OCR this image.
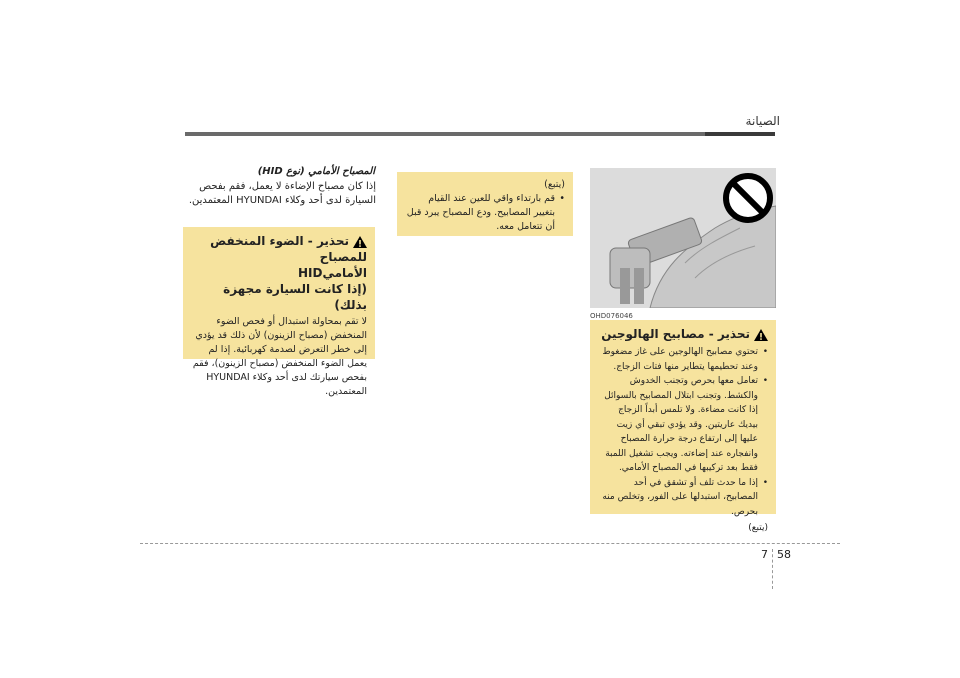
الصيانة
المصباح الأمامي (نوع HID)
إذا كان مصباح الإضاءة لا يعمل، فقم بفحص السيارة لدى أحد وكلاء HYUNDAI المعتمدين.
تحذير - الضوء المنخفض للمصباح
الأماميHID
(إذا كانت السيارة مجهزة بذلك)
لا تقم بمحاولة استبدال أو فحص الضوء المنخفض (مصباح الزينون) لأن ذلك قد يؤدي إلى خطر التعرض لصدمة كهربائية. إذا لم يعمل الضوء المنخفض (مصباح الزينون)، فقم بفحص سيارتك لدى أحد وكلاء HYUNDAI المعتمدين.
(يتبع)
• قم بارتداء واقي للعين عند القيام بتغيير المصابيح. ودع المصباح يبرد قبل أن تتعامل معه.
OHD076046
تحذير - مصابيح الهالوجين
• تحتوي مصابيح الهالوجين على غاز مضغوط وعند تحطيمها يتطاير منها فتات الزجاج.
• تعامل معها بحرص وتجنب الخدوش والكشط. وتجنب ابتلال المصابيح بالسوائل إذا كانت مضاءة. ولا تلمس أبداً الزجاج بيديك عاريتين. وقد يؤدي تبقي أي زيت عليها إلى ارتفاع درجة حرارة المصباح وانفجاره عند إضاءته. ويجب تشغيل اللمبة فقط بعد تركيبها في المصباح الأمامي.
• إذا ما حدث تلف أو تشقق في أحد المصابيح، استبدلها على الفور، وتخلص منه بحرص.
(يتبع)
7 58
